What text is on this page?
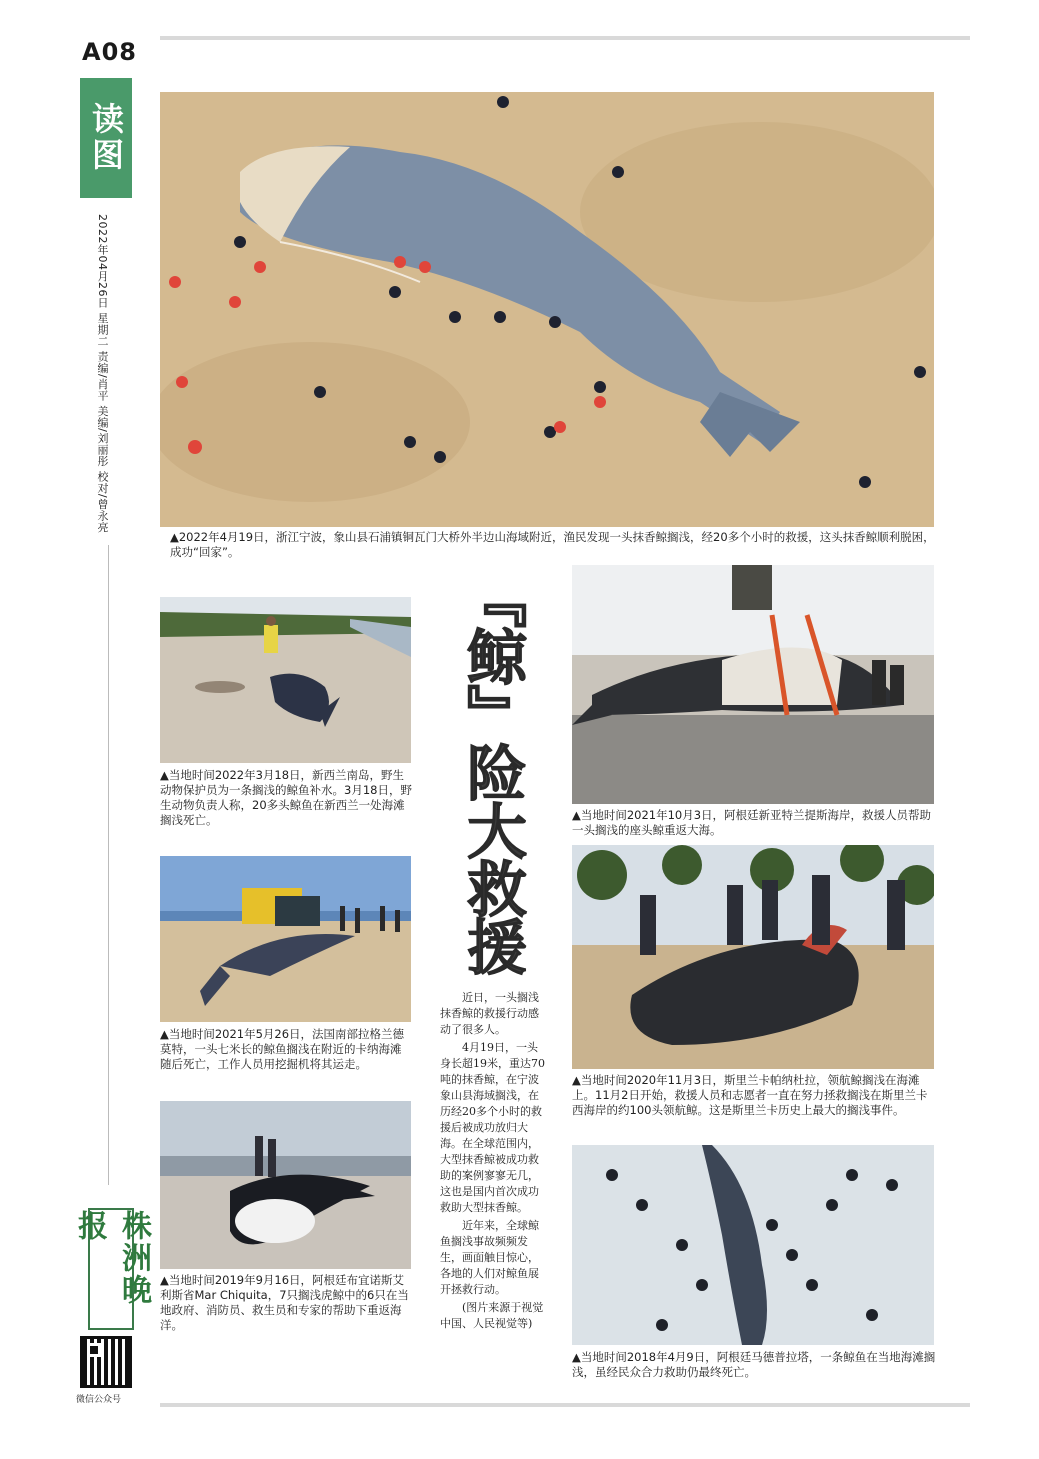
A08
读图
2022年04月26日 星期二 责编/肖平 美编/刘丽彤 校对/曾永亮
株洲晚报
微信公众号
▲2022年4月19日，浙江宁波，象山县石浦镇铜瓦门大桥外半边山海域附近，渔民发现一头抹香鲸搁浅，经20多个小时的救援，这头抹香鲸顺利脱困，成功“回家”。
▲当地时间2022年3月18日，新西兰南岛，野生动物保护员为一条搁浅的鲸鱼补水。3月18日，野生动物负责人称，20多头鲸鱼在新西兰一处海滩搁浅死亡。
▲当地时间2021年5月26日，法国南部拉格兰德莫特，一头七米长的鲸鱼搁浅在附近的卡纳海滩随后死亡，工作人员用挖掘机将其运走。
▲当地时间2019年9月16日，阿根廷布宜诺斯艾利斯省Mar Chiquita，7只搁浅虎鲸中的6只在当地政府、消防员、救生员和专家的帮助下重返海洋。
『鲸』险大救援

近日，一头搁浅抹香鲸的救援行动感动了很多人。

4月19日，一头身长超19米，重达70吨的抹香鲸，在宁波象山县海域搁浅，在历经20多个小时的救援后被成功放归大海。在全球范围内，大型抹香鲸被成功救助的案例寥寥无几，这也是国内首次成功救助大型抹香鲸。

近年来，全球鲸鱼搁浅事故频频发生，画面触目惊心，各地的人们对鲸鱼展开拯救行动。

(图片来源于视觉中国、人民视觉等)

▲当地时间2021年10月3日，阿根廷新亚特兰提斯海岸，救援人员帮助一头搁浅的座头鲸重返大海。
▲当地时间2020年11月3日，斯里兰卡帕纳杜拉，领航鲸搁浅在海滩上。11月2日开始，救援人员和志愿者一直在努力拯救搁浅在斯里兰卡西海岸的约100头领航鲸。这是斯里兰卡历史上最大的搁浅事件。
▲当地时间2018年4月9日，阿根廷马德普拉塔，一条鲸鱼在当地海滩搁浅，虽经民众合力救助仍最终死亡。
